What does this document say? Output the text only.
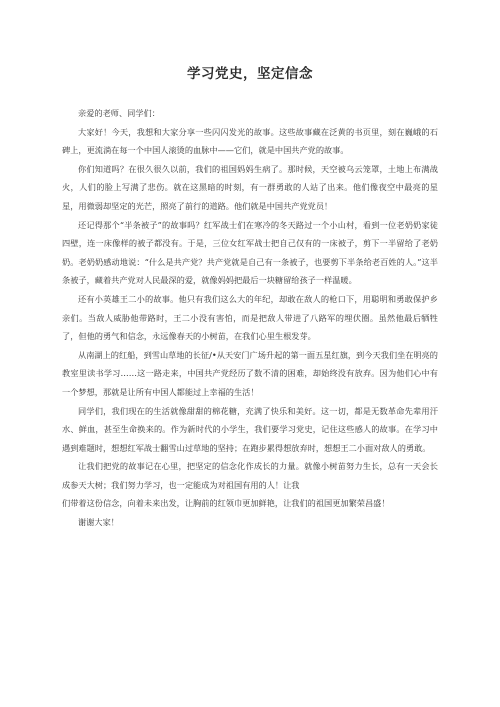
学习党史，坚定信念

亲爱的老师、同学们：

大家好！今天，我想和大家分享一些闪闪发光的故事。这些故事藏在泛黄的书页里，刻在巍峨的石碑上，更流淌在每一个中国人滚烫的血脉中——它们，就是中国共产党的故事。

你们知道吗？在很久很久以前，我们的祖国妈妈生病了。那时候，天空被乌云笼罩，土地上布满战火，人们的脸上写满了悲伤。就在这黑暗的时刻，有一群勇敢的人站了出来。他们像夜空中最亮的星星，用微弱却坚定的光芒，照亮了前行的道路。他们就是中国共产党党员！

还记得那个“半条被子”的故事吗？红军战士们在寒冷的冬天路过一个小山村，看到一位老奶奶家徒四壁，连一床像样的被子都没有。于是，三位女红军战士把自己仅有的一床被子，剪下一半留给了老奶奶。老奶奶感动地说：“什么是共产党？共产党就是自己有一条被子，也要剪下半条给老百姓的人。”这半条被子，藏着共产党对人民最深的爱，就像妈妈把最后一块糖留给孩子一样温暖。

还有小英雄王二小的故事。他只有我们这么大的年纪，却敢在敌人的枪口下，用聪明和勇敢保护乡亲们。当敌人威胁他带路时，王二小没有害怕，而是把敌人带进了八路军的埋伏圈。虽然他最后牺牲了，但他的勇气和信念，永远像春天的小树苗，在我们心里生根发芽。

从南湖上的红船，到雪山草地的长征/•从天安门广场升起的第一面五星红旗，到今天我们坐在明亮的教室里读书学习……这一路走来，中国共产党经历了数不清的困难，却始终没有放弃。因为他们心中有一个梦想，那就是让所有中国人都能过上幸福的生活！

同学们，我们现在的生活就像甜甜的棉花糖，充满了快乐和美好。这一切，都是无数革命先辈用汗水、鲜血，甚至生命换来的。作为新时代的小学生，我们要学习党史，记住这些感人的故事。在学习中遇到难题时，想想红军战士翻雪山过草地的坚持；在跑步累得想放弃时，想想王二小面对敌人的勇敢。

让我们把党的故事记在心里，把坚定的信念化作成长的力量。就像小树苗努力生长，总有一天会长成参天大树；我们努力学习，也一定能成为对祖国有用的人！让我

们带着这份信念，向着未来出发，让胸前的红领巾更加鲜艳，让我们的祖国更加繁荣昌盛！

谢谢大家！
